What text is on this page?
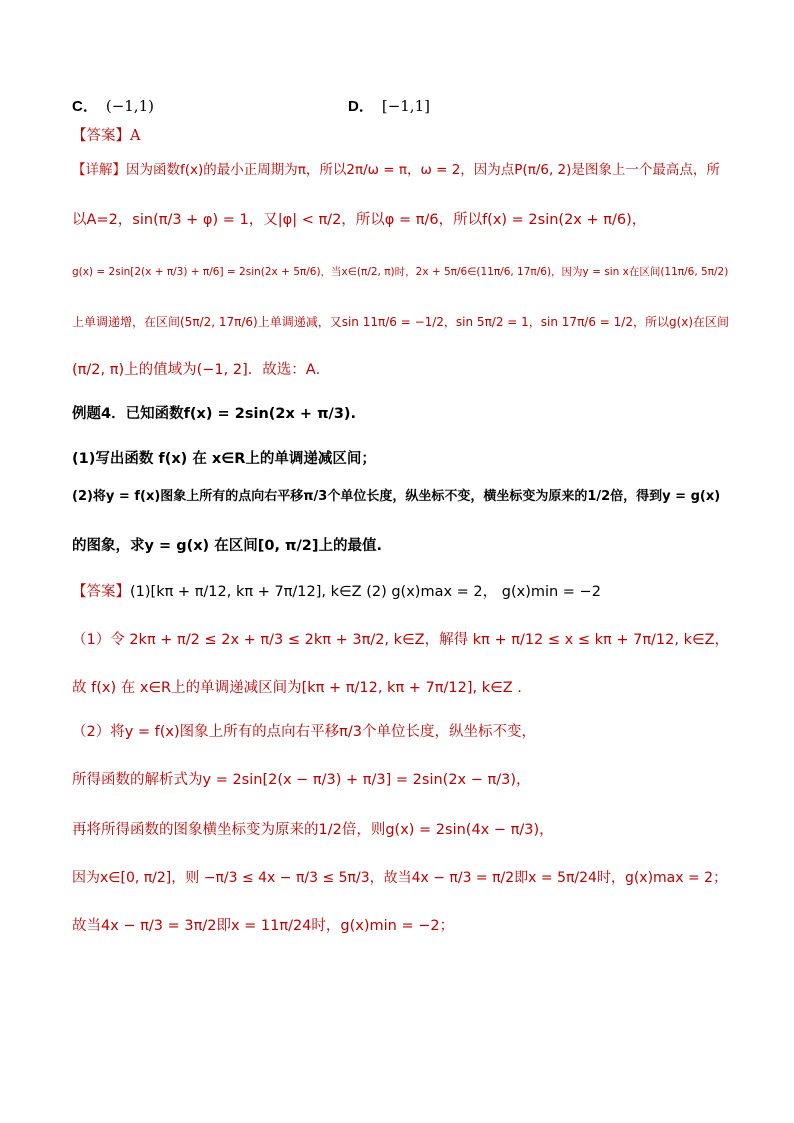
C． (−1,1)	D． [−1,1]
【答案】A
【详解】因为函数f(x)的最小正周期为π，所以2π/ω = π，ω = 2，因为点P(π/6, 2)是图象上一个最高点，所
以A=2，sin(π/3 + φ) = 1，又|φ| < π/2，所以φ = π/6，所以f(x) = 2sin(2x + π/6)，
g(x) = 2sin[2(x + π/3) + π/6] = 2sin(2x + 5π/6)，当x∈(π/2, π)时，2x + 5π/6∈(11π/6, 17π/6)，因为y = sin x在区间(11π/6, 5π/2)
上单调递增，在区间(5π/2, 17π/6)上单调递减，又sin 11π/6 = −1/2，sin 5π/2 = 1，sin 17π/6 = 1/2，所以g(x)在区间
(π/2, π)上的值域为(−1, 2]．故选：A．
例题4．已知函数f(x) = 2sin(2x + π/3).
(1)写出函数 f(x) 在 x∈R上的单调递减区间；
(2)将y = f(x)图象上所有的点向右平移π/3个单位长度，纵坐标不变，横坐标变为原来的1/2倍，得到y = g(x)
的图象，求y = g(x) 在区间[0, π/2]上的最值.
【答案】(1)[kπ + π/12, kπ + 7π/12], k∈Z (2) g(x)max = 2， g(x)min = −2
（1）令 2kπ + π/2 ≤ 2x + π/3 ≤ 2kπ + 3π/2, k∈Z，解得 kπ + π/12 ≤ x ≤ kπ + 7π/12, k∈Z，
故 f(x) 在 x∈R上的单调递减区间为[kπ + π/12, kπ + 7π/12], k∈Z .
（2）将y = f(x)图象上所有的点向右平移π/3个单位长度，纵坐标不变，
所得函数的解析式为y = 2sin[2(x − π/3) + π/3] = 2sin(2x − π/3)，
再将所得函数的图象横坐标变为原来的1/2倍，则g(x) = 2sin(4x − π/3)，
因为x∈[0, π/2]，则 −π/3 ≤ 4x − π/3 ≤ 5π/3，故当4x − π/3 = π/2即x = 5π/24时，g(x)max = 2；
故当4x − π/3 = 3π/2即x = 11π/24时，g(x)min = −2；
